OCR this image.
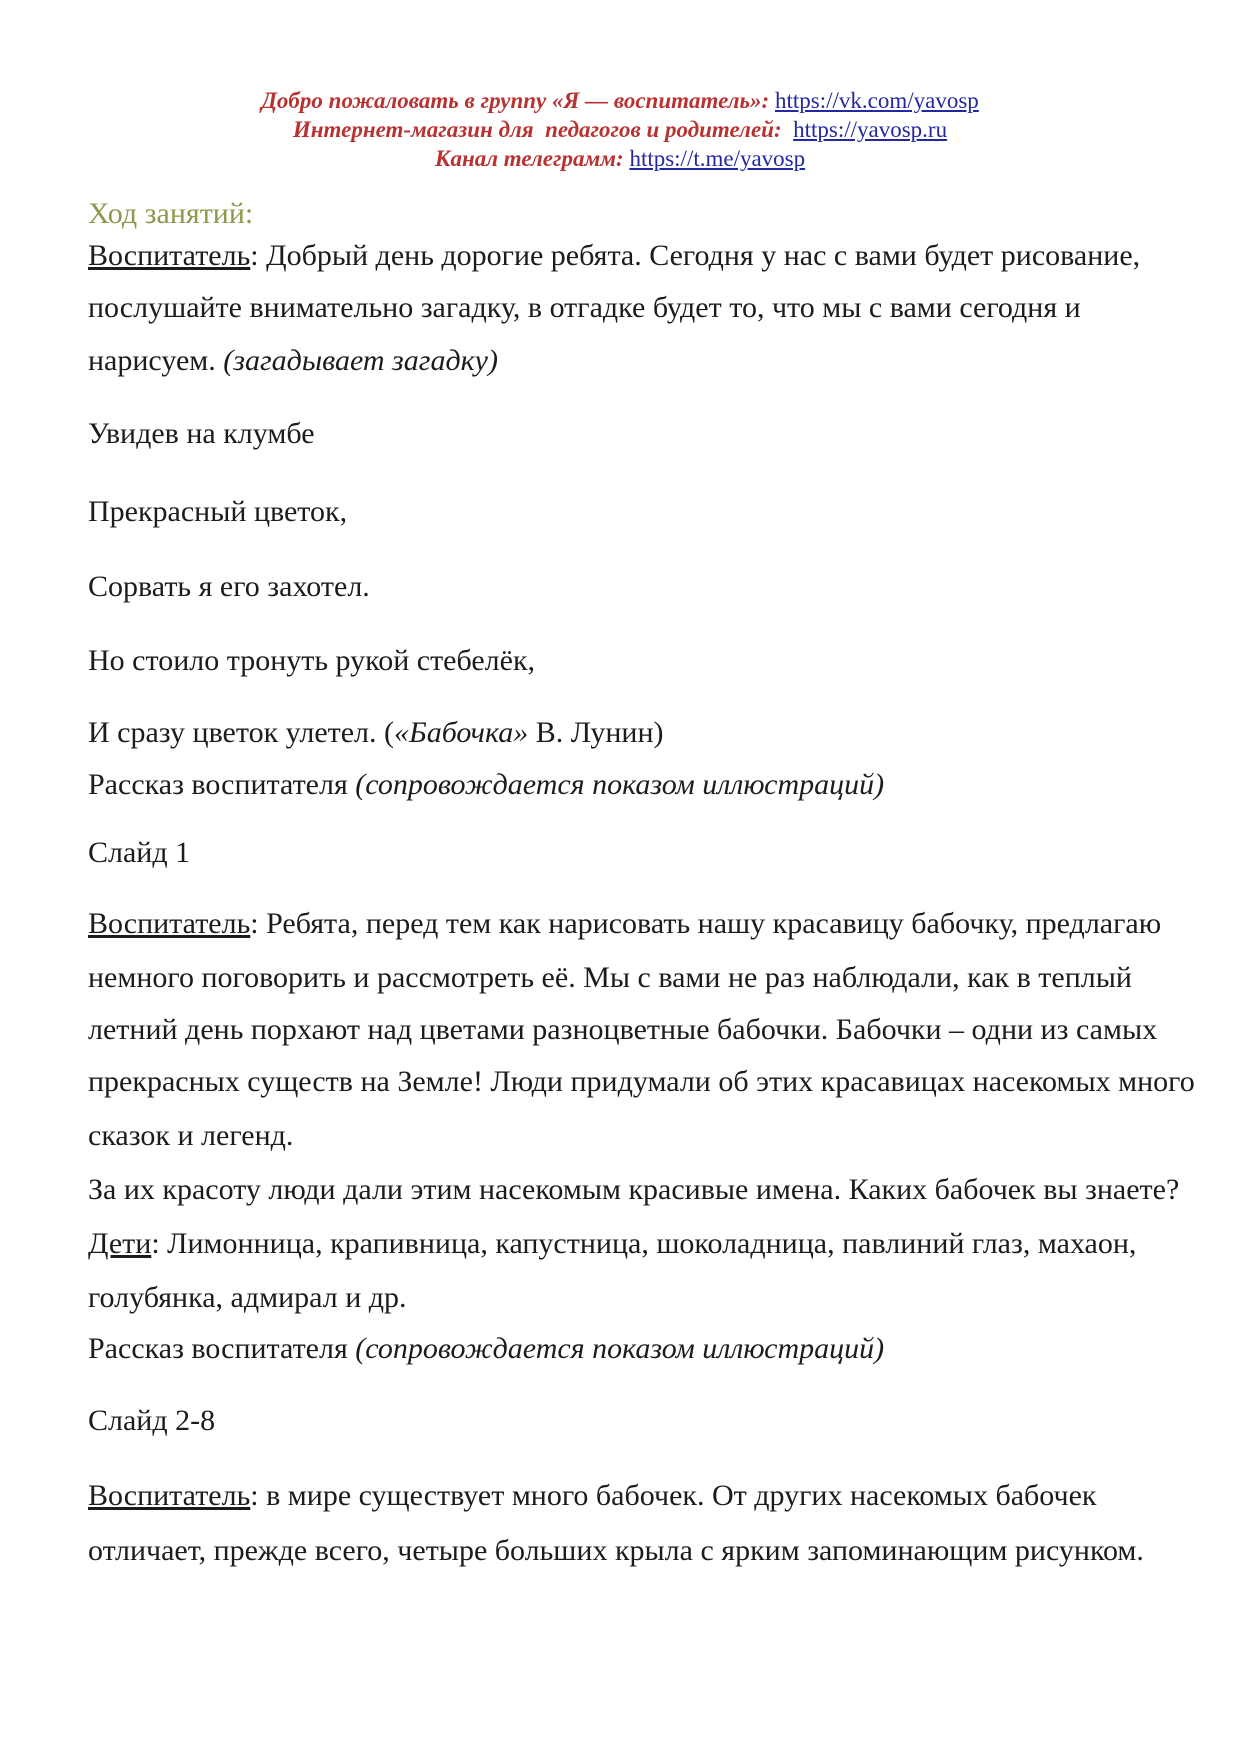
Добро пожаловать в группу «Я — воспитатель»: https://vk.com/yavosp
Интернет-магазин для  педагогов и родителей:  https://yavosp.ru
Канал телеграмм: https://t.me/yavosp
Ход занятий:
Воспитатель: Добрый день дорогие ребята. Сегодня у нас с вами будет рисование,
послушайте внимательно загадку, в отгадке будет то, что мы с вами сегодня и
нарисуем. (загадывает загадку)
Увидев на клумбе
Прекрасный цветок,
Сорвать я его захотел.
Но стоило тронуть рукой стебелёк,
И сразу цветок улетел. («Бабочка» В. Лунин)
Рассказ воспитателя (сопровождается показом иллюстраций)
Слайд 1
Воспитатель: Ребята, перед тем как нарисовать нашу красавицу бабочку, предлагаю
немного поговорить и рассмотреть её. Мы с вами не раз наблюдали, как в теплый
летний день порхают над цветами разноцветные бабочки. Бабочки – одни из самых
прекрасных существ на Земле! Люди придумали об этих красавицах насекомых много
сказок и легенд.
За их красоту люди дали этим насекомым красивые имена. Каких бабочек вы знаете?
Дети: Лимонница, крапивница, капустница, шоколадница, павлиний глаз, махаон,
голубянка, адмирал и др.
Рассказ воспитателя (сопровождается показом иллюстраций)
Слайд 2-8
Воспитатель: в мире существует много бабочек. От других насекомых бабочек
отличает, прежде всего, четыре больших крыла с ярким запоминающим рисунком.
